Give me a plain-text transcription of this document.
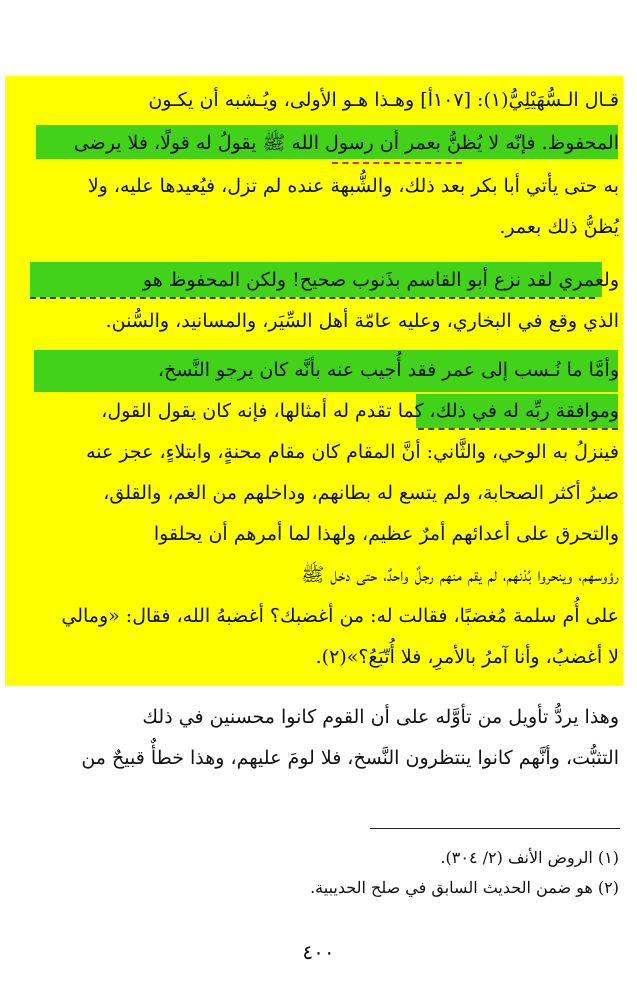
قـال الـسُّهَيْلِيُّ(١): [١٠٧أ] وهـذا هـو الأولى، ويُـشبه أن يكـون
المحفوظ. فإنّه لا يُظنُّ بعمر أن رسول الله ﷺ يقولُ له قولًا، فلا يرضى
به حتى يأتي أبا بكر بعد ذلك، والشُّبهة عنده لم تزل، فيُعيدها عليه، ولا
يُظنُّ ذلك بعمر.
ولعمري لقد نزع أبو القاسم بذَنوب صحيح! ولكن المحفوظ هو
الذي وقع في البخاري، وعليه عامّة أهل السِّيَر، والمسانيد، والسُّنن.
وأمَّا ما نُـسب إلى عمر فقد أُجيب عنه بأنَّه كان يرجو النَّسخ،
وموافقة ربِّه له في ذلك، كما تقدم له أمثالها، فإنه كان يقول القول،
فينزلُ به الوحي، والثَّاني: أنَّ المقام كان مقام محنةٍ، وابتلاءٍ، عجز عنه
صبرُ أكثر الصحابة، ولم يتسع له بطانهم، وداخلهم من الغم، والقلق،
والتحرق على أعدائهم أمرٌ عظيم، ولهذا لما أمرهم أن يحلقوا
رؤوسهم، وينحروا بُدْنهم، لم يقم منهم رجلٌ واحدٌ، حتى دخل ﷺ
على أُم سلمة مُغضبًا، فقالت له: من أغضبك؟ أغضبهُ الله، فقال: «ومالي
لا أغضبُ، وأنا آمرُ بالأمرِ، فلا أُتّبَعُ؟»(٢).
وهذا يردُّ تأويل من تأوَّله على أن القوم كانوا محسنين في ذلك
التثبُّت، وأنَّهم كانوا ينتظرون النَّسخ، فلا لومَ عليهم، وهذا خطأٌ قبيحٌ من
(١) الروض الأنف (٢/ ٣٠٤).
(٢) هو ضمن الحديث السابق في صلح الحديبية.
٤٠٠
